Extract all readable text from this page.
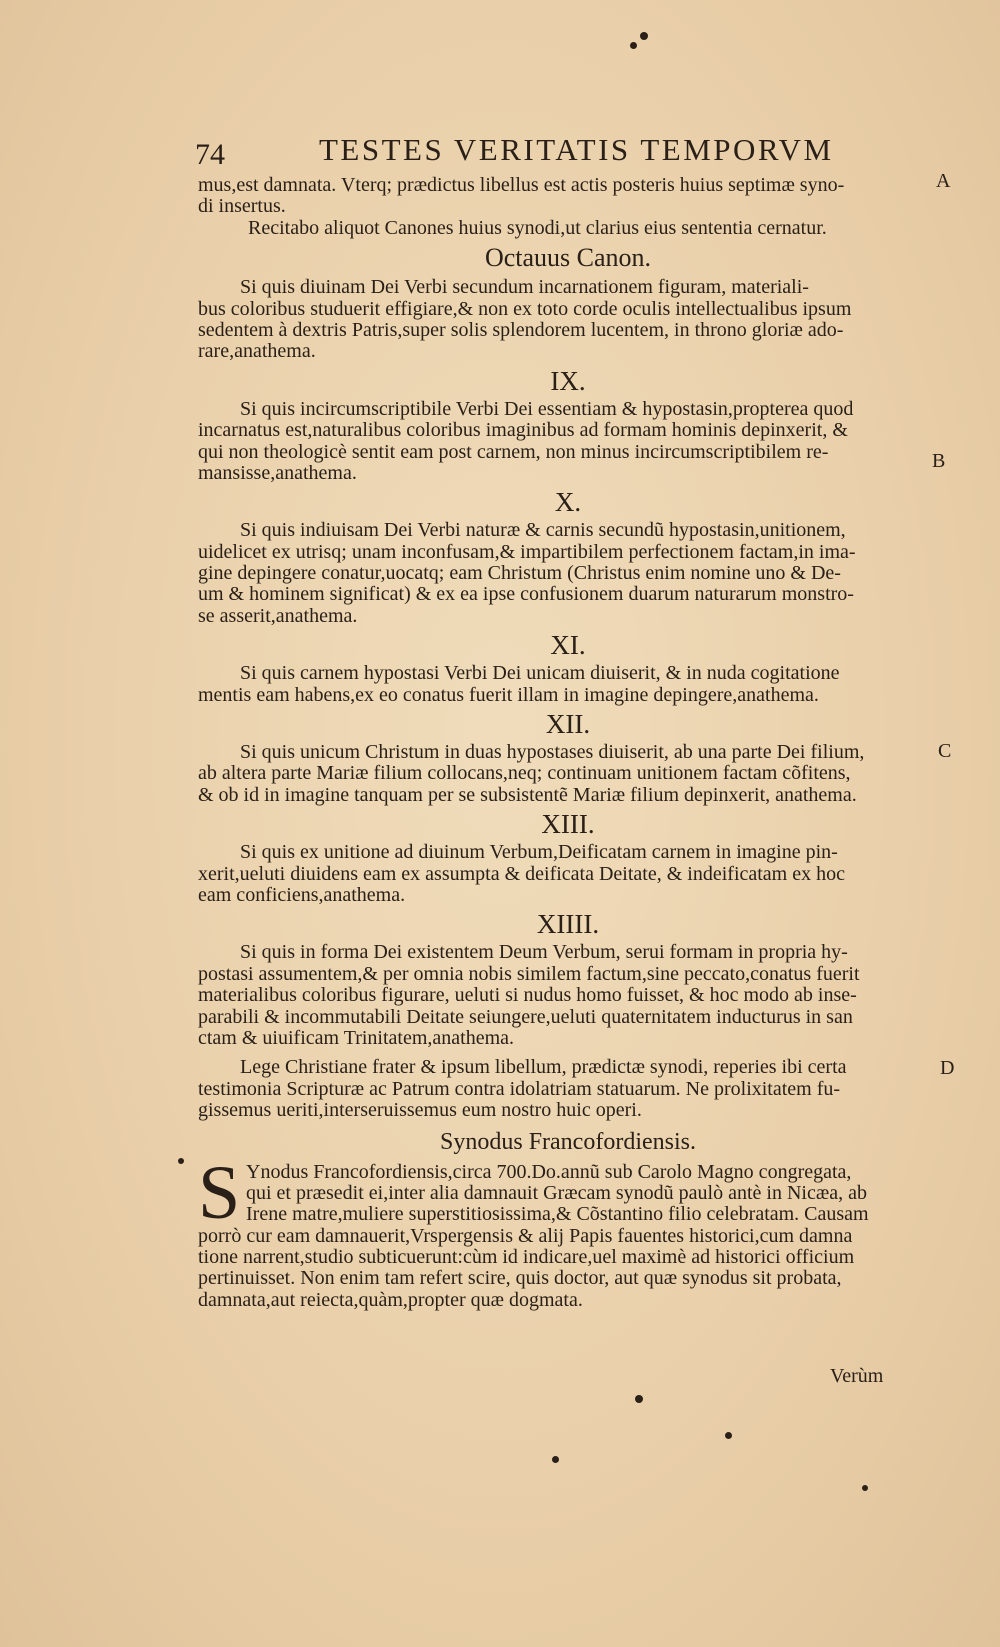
74	TESTES VERITATIS TEMPORVM
A
B
C
D
mus,est damnata. Vterq; prædictus libellus est actis posteris huius septimæ syno-
di insertus.
Recitabo aliquot Canones huius synodi,ut clarius eius sententia cernatur.
Octauus Canon.
Si quis diuinam Dei Verbi secundum incarnationem figuram, materiali-
bus coloribus studuerit effigiare,& non ex toto corde oculis intellectualibus ipsum
sedentem à dextris Patris,super solis splendorem lucentem, in throno gloriæ ado-
rare,anathema.
IX.
Si quis incircumscriptibile Verbi Dei essentiam & hypostasin,propterea quod
incarnatus est,naturalibus coloribus imaginibus ad formam hominis depinxerit, &
qui non theologicè sentit eam post carnem, non minus incircumscriptibilem re-
mansisse,anathema.
X.
Si quis indiuisam Dei Verbi naturæ & carnis secundũ hypostasin,unitionem,
uidelicet ex utrisq; unam inconfusam,& impartibilem perfectionem factam,in ima-
gine depingere conatur,uocatq; eam Christum (Christus enim nomine uno & De-
um & hominem significat) & ex ea ipse confusionem duarum naturarum monstro-
se asserit,anathema.
XI.
Si quis carnem hypostasi Verbi Dei unicam diuiserit, & in nuda cogitatione
mentis eam habens,ex eo conatus fuerit illam in imagine depingere,anathema.
XII.
Si quis unicum Christum in duas hypostases diuiserit, ab una parte Dei filium,
ab altera parte Mariæ filium collocans,neq; continuam unitionem factam cõfitens,
& ob id in imagine tanquam per se subsistentẽ Mariæ filium depinxerit, anathema.
XIII.
Si quis ex unitione ad diuinum Verbum,Deificatam carnem in imagine pin-
xerit,ueluti diuidens eam ex assumpta & deificata Deitate, & indeificatam ex hoc
eam conficiens,anathema.
XIIII.
Si quis in forma Dei existentem Deum Verbum, serui formam in propria hy-
postasi assumentem,& per omnia nobis similem factum,sine peccato,conatus fuerit
materialibus coloribus figurare, ueluti si nudus homo fuisset, & hoc modo ab inse-
parabili & incommutabili Deitate seiungere,ueluti quaternitatem inducturus in san
ctam & uiuificam Trinitatem,anathema.
Lege Christiane frater & ipsum libellum, prædictæ synodi, reperies ibi certa
testimonia Scripturæ ac Patrum contra idolatriam statuarum. Ne prolixitatem fu-
gissemus ueriti,interseruissemus eum nostro huic operi.
Synodus Francofordiensis.
S Ynodus Francofordiensis,circa 700.Do.annũ sub Carolo Magno congregata,
qui et præsedit ei,inter alia damnauit Græcam synodũ paulò antè in Nicæa, ab
Irene matre,muliere superstitiosissima,& Cõstantino filio celebratam. Causam
porrò cur eam damnauerit,Vrspergensis & alij Papis fauentes historici,cum damna
tione narrent,studio subticuerunt:cùm id indicare,uel maximè ad historici officium
pertinuisset. Non enim tam refert scire, quis doctor, aut quæ synodus sit probata,
damnata,aut reiecta,quàm,propter quæ dogmata.
Verùm
